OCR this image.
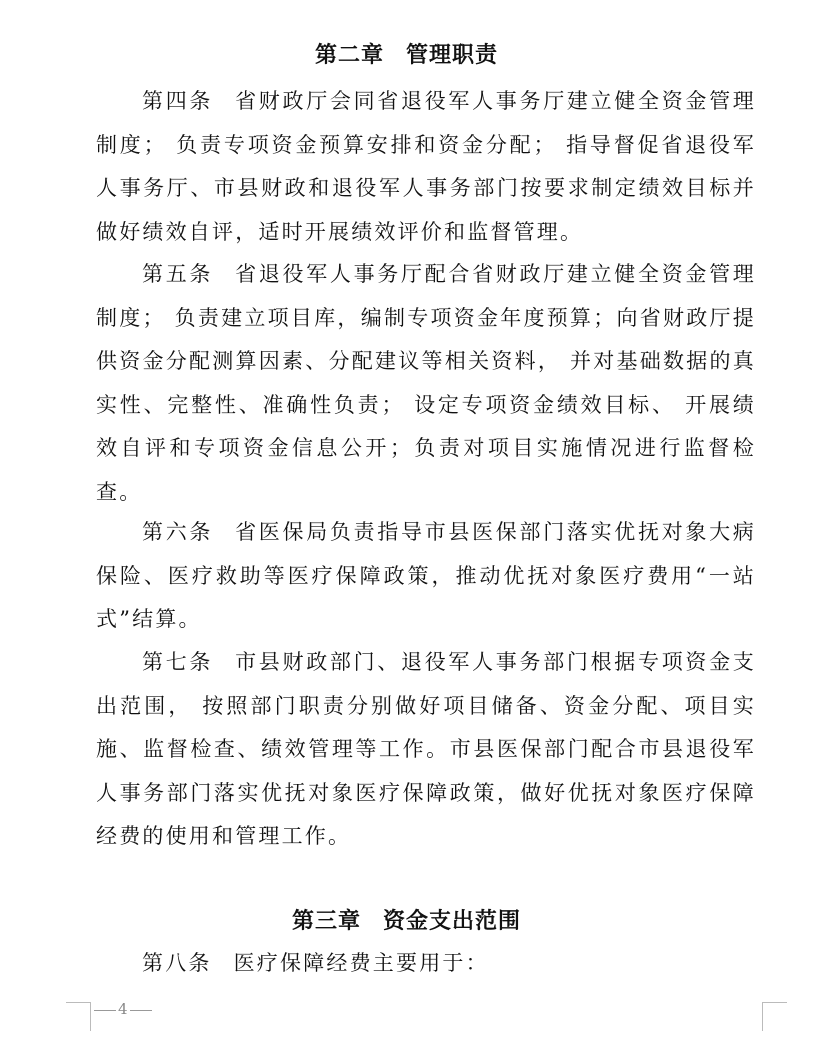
第二章 管理职责

第四条 省财政厅会同省退役军人事务厅建立健全资金管理制度； 负责专项资金预算安排和资金分配； 指导督促省退役军人事务厅、市县财政和退役军人事务部门按要求制定绩效目标并做好绩效自评，适时开展绩效评价和监督管理。

第五条 省退役军人事务厅配合省财政厅建立健全资金管理制度； 负责建立项目库，编制专项资金年度预算；向省财政厅提供资金分配测算因素、分配建议等相关资料， 并对基础数据的真实性、完整性、准确性负责； 设定专项资金绩效目标、 开展绩效自评和专项资金信息公开；负责对项目实施情况进行监督检查。

第六条 省医保局负责指导市县医保部门落实优抚对象大病保险、医疗救助等医疗保障政策，推动优抚对象医疗费用“一站式”结算。

第七条 市县财政部门、退役军人事务部门根据专项资金支出范围， 按照部门职责分别做好项目储备、资金分配、项目实施、监督检查、绩效管理等工作。市县医保部门配合市县退役军人事务部门落实优抚对象医疗保障政策，做好优抚对象医疗保障经费的使用和管理工作。

第三章 资金支出范围

第八条 医疗保障经费主要用于：

4
